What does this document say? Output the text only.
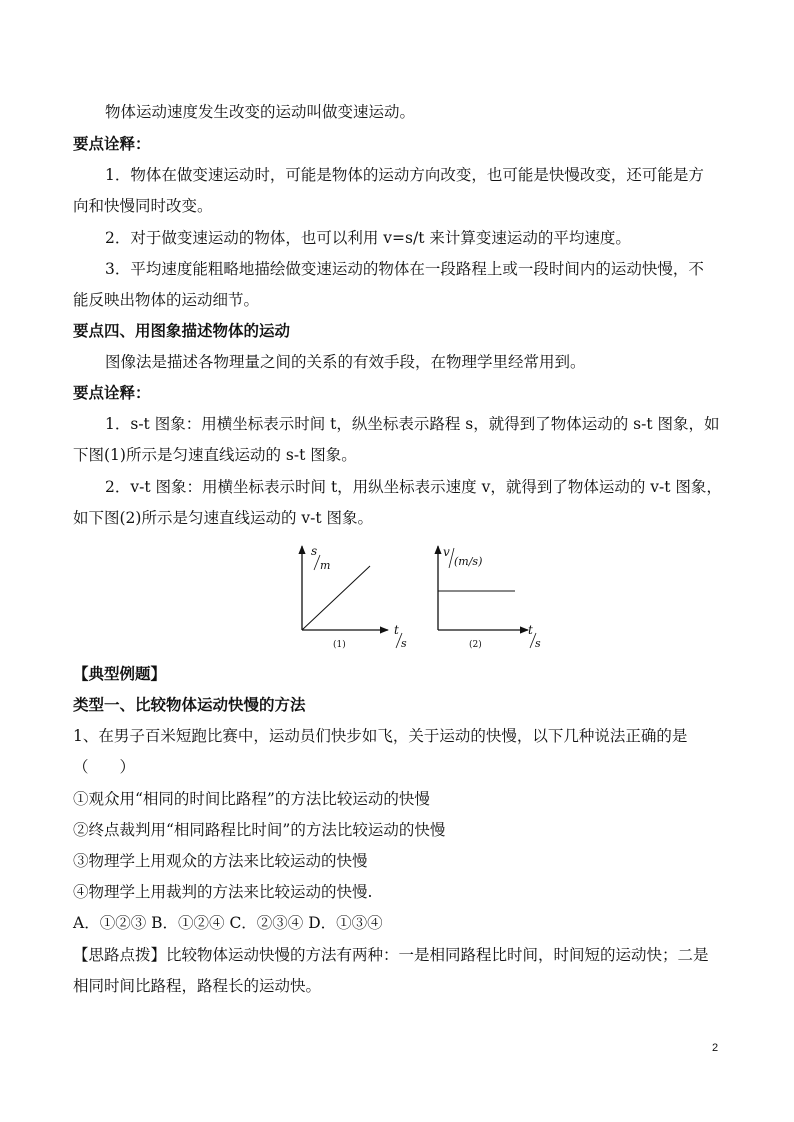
物体运动速度发生改变的运动叫做变速运动。
要点诠释：
1．物体在做变速运动时，可能是物体的运动方向改变，也可能是快慢改变，还可能是方
向和快慢同时改变。
2．对于做变速运动的物体，也可以利用 v=s/t 来计算变速运动的平均速度。
3．平均速度能粗略地描绘做变速运动的物体在一段路程上或一段时间内的运动快慢，不
能反映出物体的运动细节。
要点四、用图象描述物体的运动
图像法是描述各物理量之间的关系的有效手段，在物理学里经常用到。
要点诠释：
1．s-t 图象：用横坐标表示时间 t，纵坐标表示路程 s，就得到了物体运动的 s-t 图象，如
下图(1)所示是匀速直线运动的 s-t 图象。
2．v-t 图象：用横坐标表示时间 t，用纵坐标表示速度 v，就得到了物体运动的 v-t 图象，
如下图(2)所示是匀速直线运动的 v-t 图象。
s
m
t
s
(1)
v
(m/s)
t
s
(2)
【典型例题】
类型一、比较物体运动快慢的方法
1、在男子百米短跑比赛中，运动员们快步如飞，关于运动的快慢，以下几种说法正确的是
（　　）
①观众用“相同的时间比路程”的方法比较运动的快慢
②终点裁判用“相同路程比时间”的方法比较运动的快慢
③物理学上用观众的方法来比较运动的快慢
④物理学上用裁判的方法来比较运动的快慢.
A．①②③ B．①②④ C．②③④ D．①③④
【思路点拨】比较物体运动快慢的方法有两种：一是相同路程比时间，时间短的运动快；二是
相同时间比路程，路程长的运动快。
2
